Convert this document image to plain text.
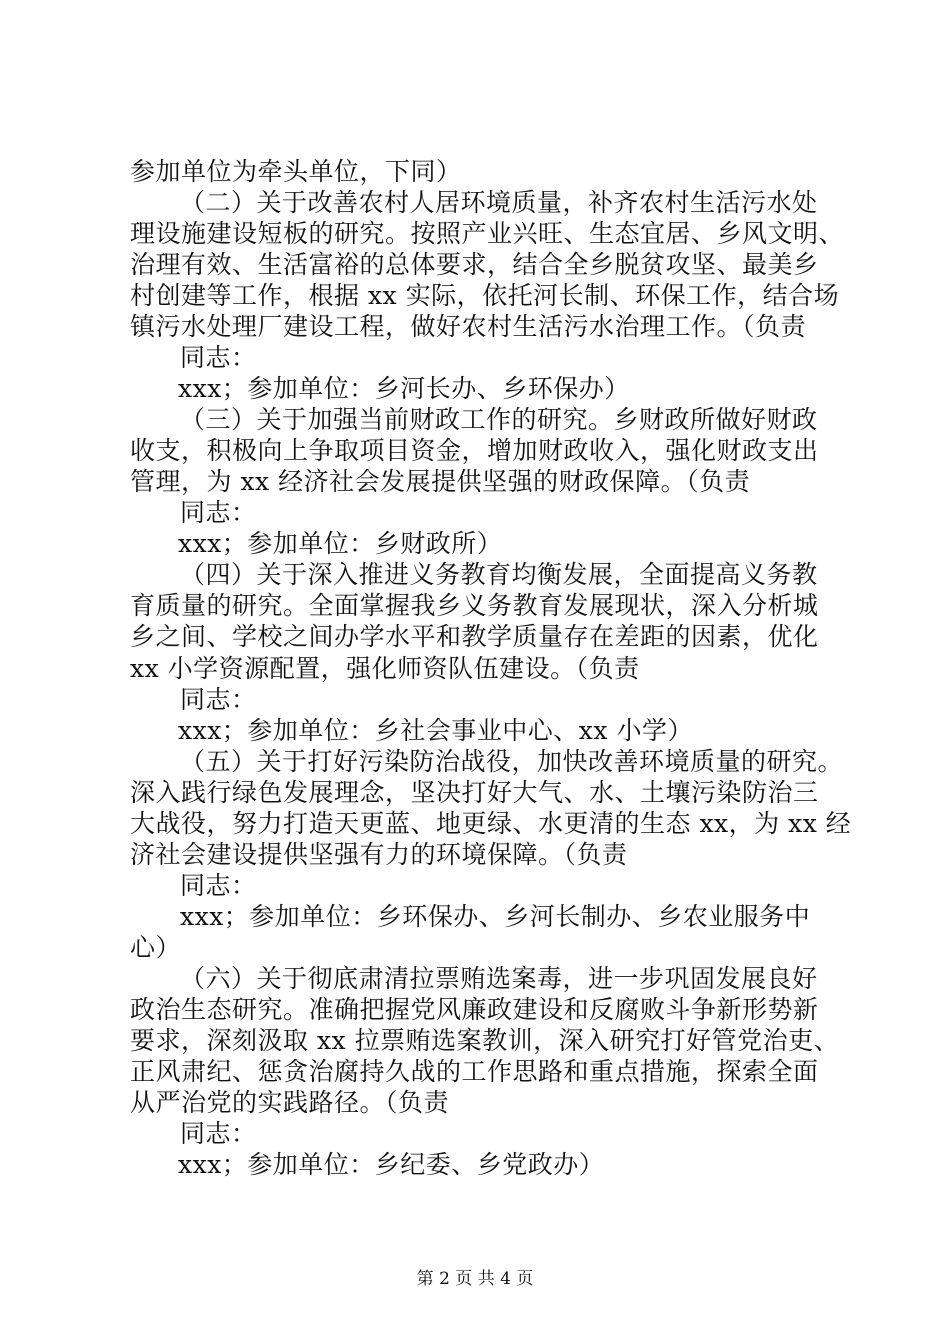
参加单位为牵头单位，下同）
（二）关于改善农村人居环境质量，补齐农村生活污水处
理设施建设短板的研究。按照产业兴旺、生态宜居、乡风文明、
治理有效、生活富裕的总体要求，结合全乡脱贫攻坚、最美乡
村创建等工作，根据 xx 实际，依托河长制、环保工作，结合场
镇污水处理厂建设工程，做好农村生活污水治理工作。（负责
同志：
xxx；参加单位：乡河长办、乡环保办）
（三）关于加强当前财政工作的研究。乡财政所做好财政
收支，积极向上争取项目资金，增加财政收入，强化财政支出
管理，为 xx 经济社会发展提供坚强的财政保障。（负责
同志：
xxx；参加单位：乡财政所）
（四）关于深入推进义务教育均衡发展，全面提高义务教
育质量的研究。全面掌握我乡义务教育发展现状，深入分析城
乡之间、学校之间办学水平和教学质量存在差距的因素，优化
xx 小学资源配置，强化师资队伍建设。（负责
同志：
xxx；参加单位：乡社会事业中心、xx 小学）
（五）关于打好污染防治战役，加快改善环境质量的研究。
深入践行绿色发展理念，坚决打好大气、水、土壤污染防治三
大战役，努力打造天更蓝、地更绿、水更清的生态 xx，为 xx 经
济社会建设提供坚强有力的环境保障。（负责
同志：
xxx；参加单位：乡环保办、乡河长制办、乡农业服务中
心）
（六）关于彻底肃清拉票贿选案毒，进一步巩固发展良好
政治生态研究。准确把握党风廉政建设和反腐败斗争新形势新
要求，深刻汲取 xx 拉票贿选案教训，深入研究打好管党治吏、
正风肃纪、惩贪治腐持久战的工作思路和重点措施，探索全面
从严治党的实践路径。（负责
同志：
xxx；参加单位：乡纪委、乡党政办）
第 2 页 共 4 页
